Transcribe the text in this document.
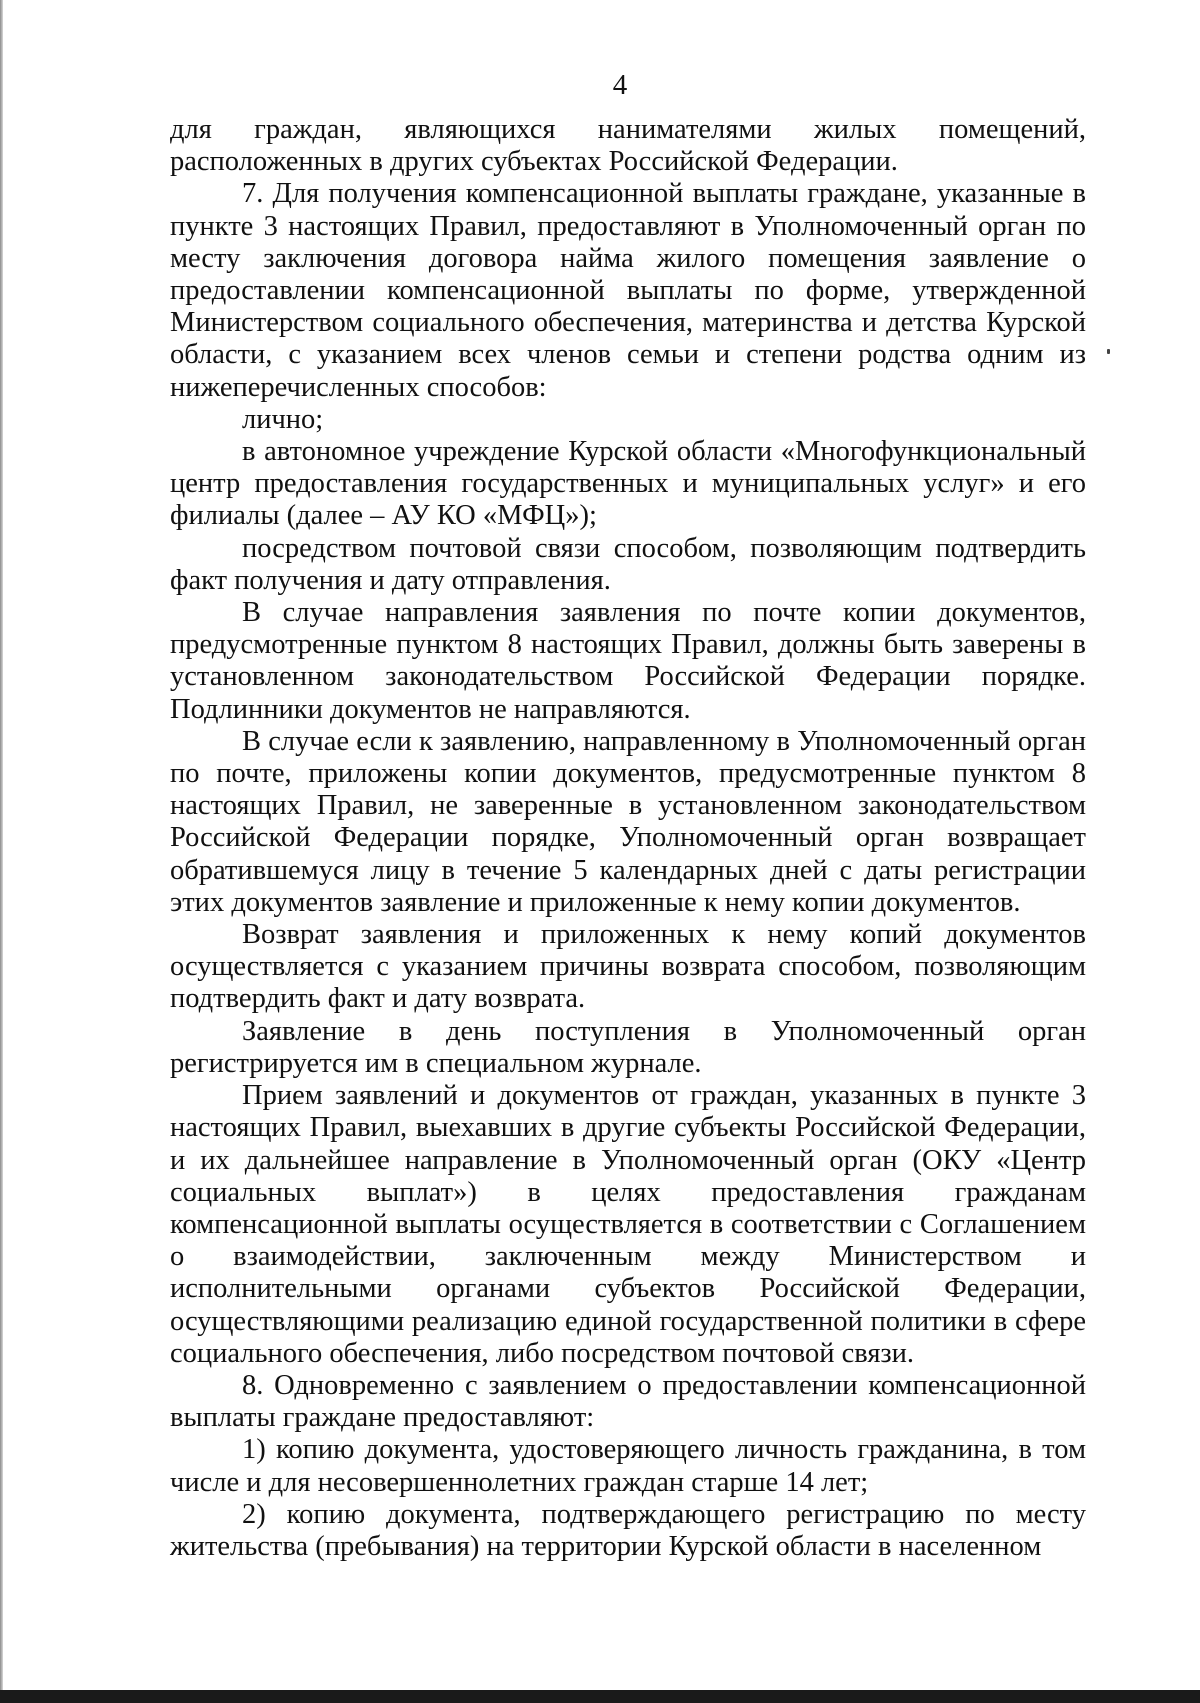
4

для граждан, являющихся нанимателями жилых помещений, расположенных в других субъектах Российской Федерации.

7. Для получения компенсационной выплаты граждане, указанные в пункте 3 настоящих Правил, предоставляют в Уполномоченный орган по месту заключения договора найма жилого помещения заявление о предоставлении компенсационной выплаты по форме, утвержденной Министерством социального обеспечения, материнства и детства Курской области, с указанием всех членов семьи и степени родства одним из нижеперечисленных способов:

лично;

в автономное учреждение Курской области «Многофункциональный центр предоставления государственных и муниципальных услуг» и его филиалы (далее – АУ КО «МФЦ»);

посредством почтовой связи способом, позволяющим подтвердить факт получения и дату отправления.

В случае направления заявления по почте копии документов, предусмотренные пунктом 8 настоящих Правил, должны быть заверены в установленном законодательством Российской Федерации порядке. Подлинники документов не направляются.

В случае если к заявлению, направленному в Уполномоченный орган по почте, приложены копии документов, предусмотренные пунктом 8 настоящих Правил, не заверенные в установленном законодательством Российской Федерации порядке, Уполномоченный орган возвращает обратившемуся лицу в течение 5 календарных дней с даты регистрации этих документов заявление и приложенные к нему копии документов.

Возврат заявления и приложенных к нему копий документов осуществляется с указанием причины возврата способом, позволяющим подтвердить факт и дату возврата.

Заявление в день поступления в Уполномоченный орган регистрируется им в специальном журнале.

Прием заявлений и документов от граждан, указанных в пункте 3 настоящих Правил, выехавших в другие субъекты Российской Федерации, и их дальнейшее направление в Уполномоченный орган (ОКУ «Центр социальных выплат») в целях предоставления гражданам компенсационной выплаты осуществляется в соответствии с Соглашением о взаимодействии, заключенным между Министерством и исполнительными органами субъектов Российской Федерации, осуществляющими реализацию единой государственной политики в сфере социального обеспечения, либо посредством почтовой связи.

8. Одновременно с заявлением о предоставлении компенсационной выплаты граждане предоставляют:

1) копию документа, удостоверяющего личность гражданина, в том числе и для несовершеннолетних граждан старше 14 лет;

2) копию документа, подтверждающего регистрацию по месту жительства (пребывания) на территории Курской области в населенном
